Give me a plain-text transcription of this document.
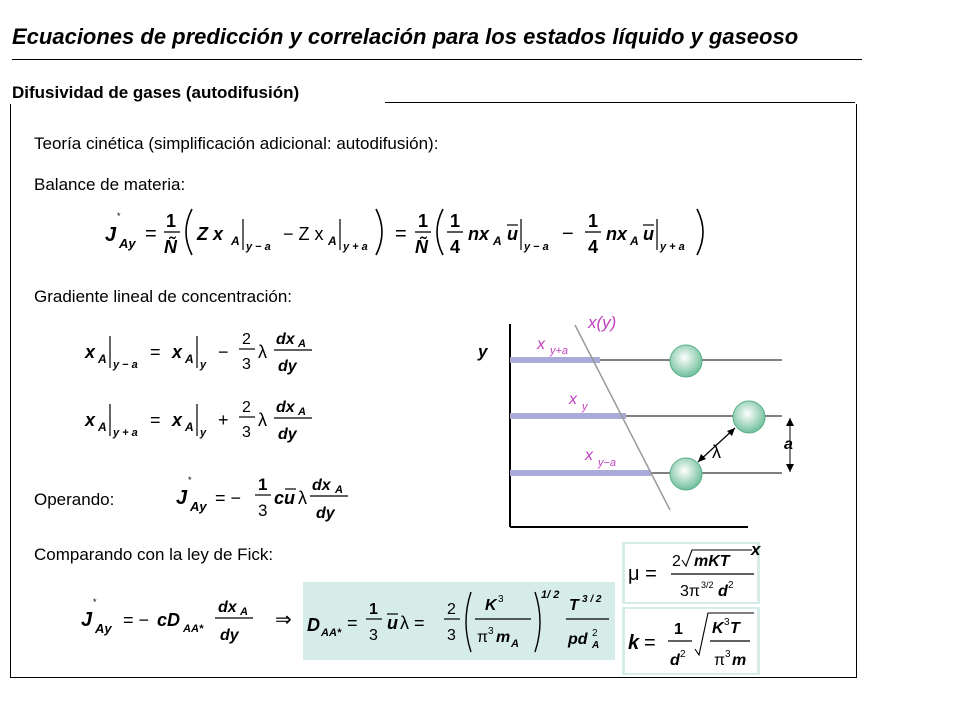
Ecuaciones de predicción y correlación para los estados líquido y gaseoso
Difusividad de gases (autodifusión)
Teoría cinética (simplificación adicional: autodifusión):
Balance de materia:
Gradiente lineal de concentración:
Operando:
Comparando con la ley de Fick:
J
*
Ay =
1
Ñ
Z x A y − a
− Z x A y + a
=
1
Ñ
1
4
nx A u
y − a
−
1
4
nx A u
y + a
x A y − a
= x A y
−
2
3
λ
dx A
dy
x A y + a
= x A y
+
2
3
λ
dx A
dy
J
*
Ay = −
1
3
cu λ
dx A
dy
J
*
Ay = − cD AA*
dx A
dy
⇒ D AA* =
1
3
u λ =
2
3
K 3
π 3 m A
1/ 2
T 3 / 2
pd 2
A
μ =
2 mKT
3π 3/2 d 2
k =
1
d 2
K 3 T
π 3 m
y
x
x(y)
x y+a
x y
x y−a
λ	a
